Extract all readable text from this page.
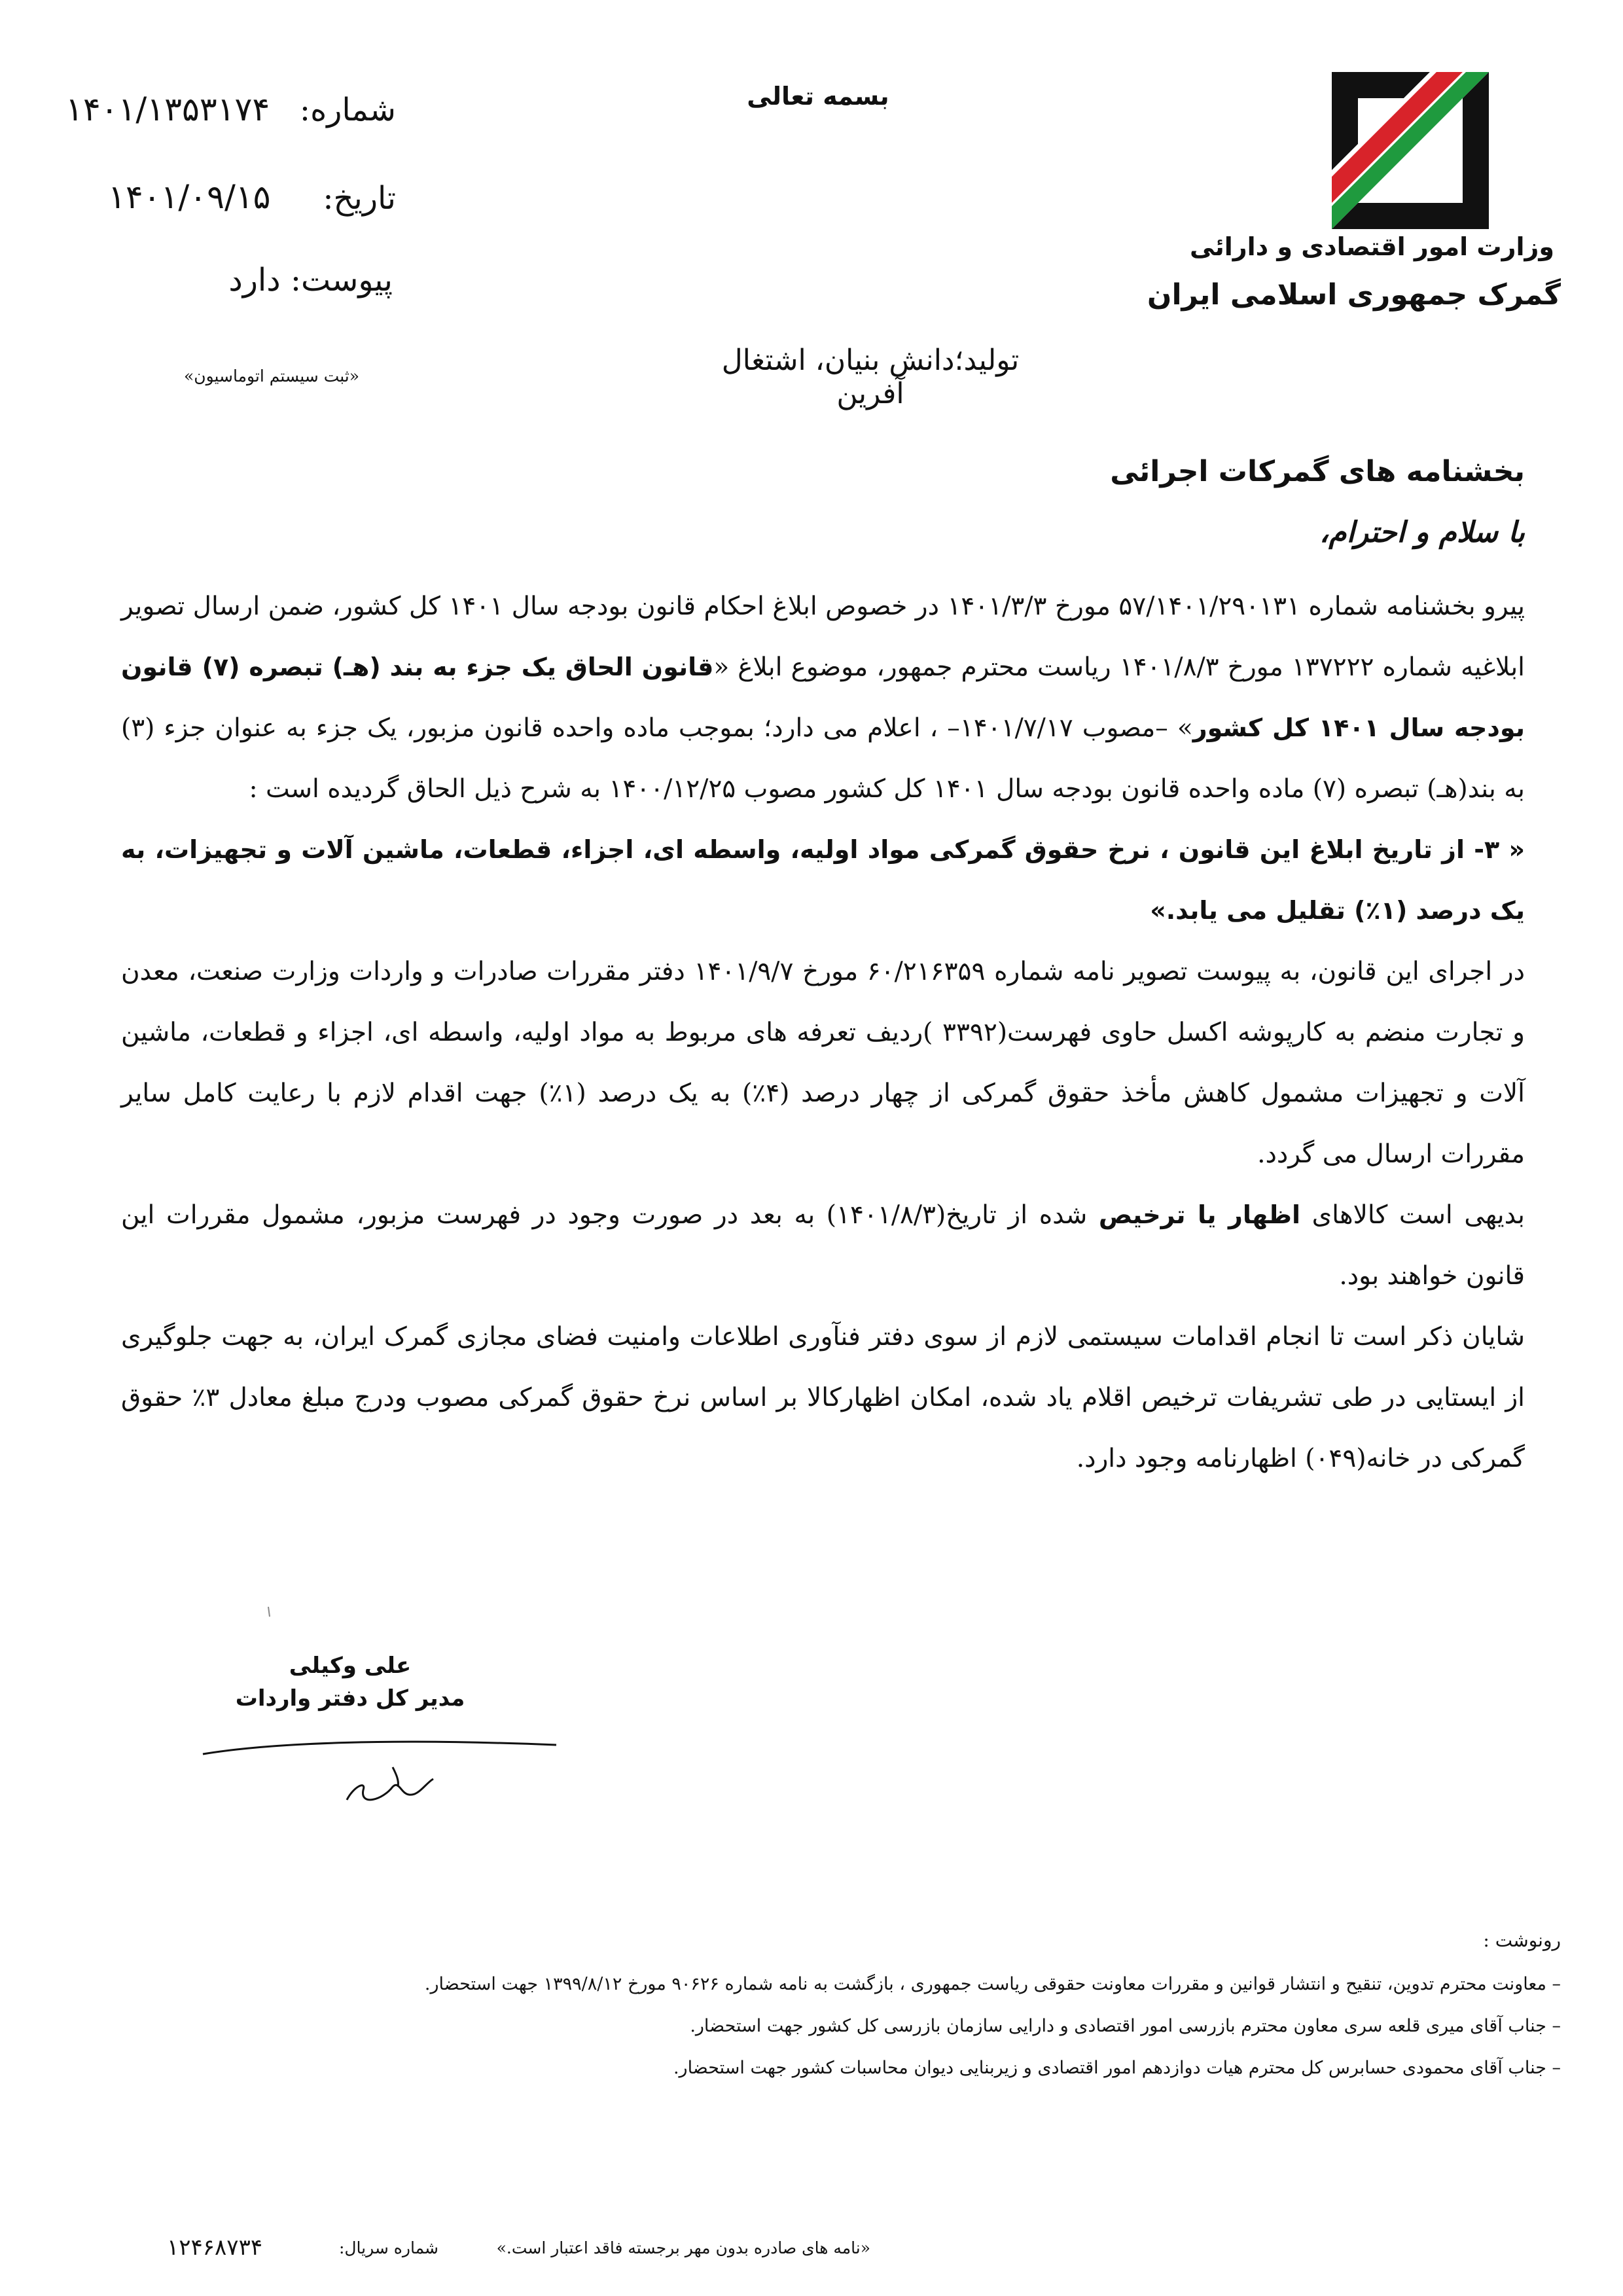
بسمه تعالی
وزارت امور اقتصادی و دارائی
گمرک جمهوری اسلامی ایران
شماره:
۱۴۰۱/۱۳۵۳۱۷۴
تاریخ:
۱۴۰۱/۰۹/۱۵
پیوست: دارد
«ثبت سیستم اتوماسیون»	تولید؛دانش بنیان، اشتغال آفرین
بخشنامه های گمرکات اجرائی
با سلام و احترام،

پیرو بخشنامه شماره ۵۷/۱۴۰۱/۲۹۰۱۳۱ مورخ ۱۴۰۱/۳/۳ در خصوص ابلاغ احکام قانون بودجه سال ۱۴۰۱ کل کشور، ضمن ارسال تصویر ابلاغیه شماره ۱۳۷۲۲۲ مورخ ۱۴۰۱/۸/۳ ریاست محترم جمهور، موضوع ابلاغ «قانون الحاق یک جزء به بند (هـ) تبصره (۷) قانون بودجه سال ۱۴۰۱ کل کشور» –مصوب ۱۴۰۱/۷/۱۷– ، اعلام می دارد؛ بموجب ماده واحده قانون مزبور، یک جزء به عنوان جزء (۳) به بند(هـ) تبصره (۷) ماده واحده قانون بودجه سال ۱۴۰۱ کل کشور مصوب ۱۴۰۰/۱۲/۲۵ به شرح ذیل الحاق گردیده است :

« ۳- از تاریخ ابلاغ این قانون ، نرخ حقوق گمرکی مواد اولیه، واسطه ای، اجزاء، قطعات، ماشین آلات و تجهیزات، به یک درصد (۱٪) تقلیل می یابد.»

در اجرای این قانون، به پیوست تصویر نامه شماره ۶۰/۲۱۶۳۵۹ مورخ ۱۴۰۱/۹/۷ دفتر مقررات صادرات و واردات وزارت صنعت، معدن و تجارت منضم به کارپوشه اکسل حاوی فهرست(۳۳۹۲ )ردیف تعرفه های مربوط به مواد اولیه، واسطه ای، اجزاء و قطعات، ماشین آلات و تجهیزات مشمول کاهش مأخذ حقوق گمرکی از چهار درصد (۴٪) به یک درصد (۱٪) جهت اقدام لازم با رعایت کامل سایر مقررات ارسال می گردد.

بدیهی است کالاهای اظهار یا ترخیص شده از تاریخ(۱۴۰۱/۸/۳) به بعد در صورت وجود در فهرست مزبور، مشمول مقررات این قانون خواهند بود.

شایان ذکر است تا انجام اقدامات سیستمی لازم از سوی دفتر فنآوری اطلاعات وامنیت فضای مجازی گمرک ایران، به جهت جلوگیری از ایستایی در طی تشریفات ترخیص اقلام یاد شده، امکان اظهارکالا بر اساس نرخ حقوق گمرکی مصوب ودرج مبلغ معادل ۳٪ حقوق گمرکی در خانه(۰۴۹) اظهارنامه وجود دارد.

علی وکیلی
مدیر کل دفتر واردات
رونوشت :
– معاونت محترم تدوین، تنقیح و انتشار قوانین و مقررات معاونت حقوقی ریاست جمهوری ، بازگشت به نامه شماره ۹۰۶۲۶ مورخ ۱۳۹۹/۸/۱۲ جهت استحضار.
– جناب آقای میری قلعه سری معاون محترم بازرسی امور اقتصادی و دارایی سازمان بازرسی کل کشور جهت استحضار.
– جناب آقای محمودی حسابرس کل محترم هیات دوازدهم امور اقتصادی و زیربنایی دیوان محاسبات کشور جهت استحضار.
«نامه های صادره بدون مهر برجسته فاقد اعتبار است.»
شماره سریال:
۱۲۴۶۸۷۳۴
